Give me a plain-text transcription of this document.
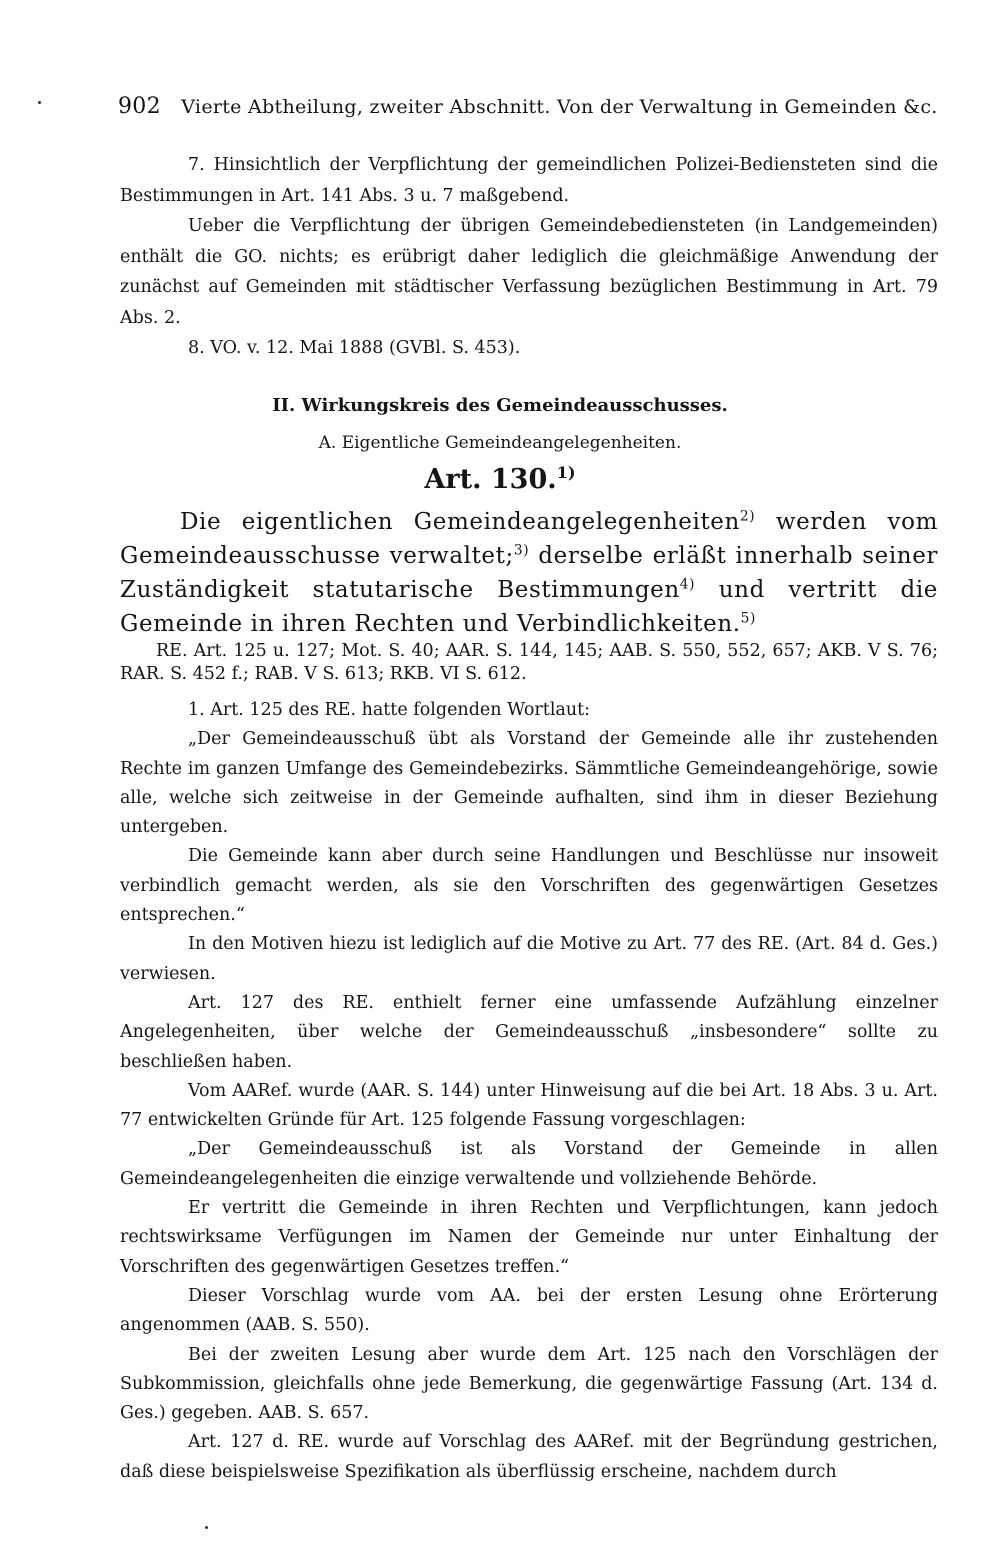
902 Vierte Abtheilung, zweiter Abschnitt. Von der Verwaltung in Gemeinden &c.

7. Hinsichtlich der Verpflichtung der gemeindlichen Polizei-Bediensteten sind die Bestimmungen in Art. 141 Abs. 3 u. 7 maßgebend.

Ueber die Verpflichtung der übrigen Gemeindebediensteten (in Landgemeinden) enthält die GO. nichts; es erübrigt daher lediglich die gleichmäßige Anwendung der zunächst auf Gemeinden mit städtischer Verfassung bezüglichen Bestimmung in Art. 79 Abs. 2.

8. VO. v. 12. Mai 1888 (GVBl. S. 453).

II. Wirkungskreis des Gemeindeausschusses.
A. Eigentliche Gemeindeangelegenheiten.
Art. 130.$^{1)}$

Die eigentlichen Gemeindeangelegenheiten$^{2)}$ werden vom Gemeindeausschusse verwaltet;$^{3)}$ derselbe erläßt innerhalb seiner Zuständigkeit statutarische Bestimmungen$^{4)}$ und vertritt die Gemeinde in ihren Rechten und Verbindlichkeiten.$^{5)}$

RE. Art. 125 u. 127; Mot. S. 40; AAR. S. 144, 145; AAB. S. 550, 552, 657; AKB. V S. 76; RAR. S. 452 f.; RAB. V S. 613; RKB. VI S. 612.

1. Art. 125 des RE. hatte folgenden Wortlaut:

„Der Gemeindeausschuß übt als Vorstand der Gemeinde alle ihr zustehenden Rechte im ganzen Umfange des Gemeindebezirks. Sämmtliche Gemeindeangehörige, sowie alle, welche sich zeitweise in der Gemeinde aufhalten, sind ihm in dieser Beziehung untergeben.

Die Gemeinde kann aber durch seine Handlungen und Beschlüsse nur insoweit verbindlich gemacht werden, als sie den Vorschriften des gegenwärtigen Gesetzes entsprechen.“

In den Motiven hiezu ist lediglich auf die Motive zu Art. 77 des RE. (Art. 84 d. Ges.) verwiesen.

Art. 127 des RE. enthielt ferner eine umfassende Aufzählung einzelner Angelegenheiten, über welche der Gemeindeausschuß „insbesondere“ sollte zu beschließen haben.

Vom AARef. wurde (AAR. S. 144) unter Hinweisung auf die bei Art. 18 Abs. 3 u. Art. 77 entwickelten Gründe für Art. 125 folgende Fassung vorgeschlagen:

„Der Gemeindeausschuß ist als Vorstand der Gemeinde in allen Gemeindeangelegenheiten die einzige verwaltende und vollziehende Behörde.

Er vertritt die Gemeinde in ihren Rechten und Verpflichtungen, kann jedoch rechtswirksame Verfügungen im Namen der Gemeinde nur unter Einhaltung der Vorschriften des gegenwärtigen Gesetzes treffen.“

Dieser Vorschlag wurde vom AA. bei der ersten Lesung ohne Erörterung angenommen (AAB. S. 550).

Bei der zweiten Lesung aber wurde dem Art. 125 nach den Vorschlägen der Subkommission, gleichfalls ohne jede Bemerkung, die gegenwärtige Fassung (Art. 134 d. Ges.) gegeben. AAB. S. 657.

Art. 127 d. RE. wurde auf Vorschlag des AARef. mit der Begründung gestrichen, daß diese beispielsweise Spezifikation als überflüssig erscheine, nachdem durch
